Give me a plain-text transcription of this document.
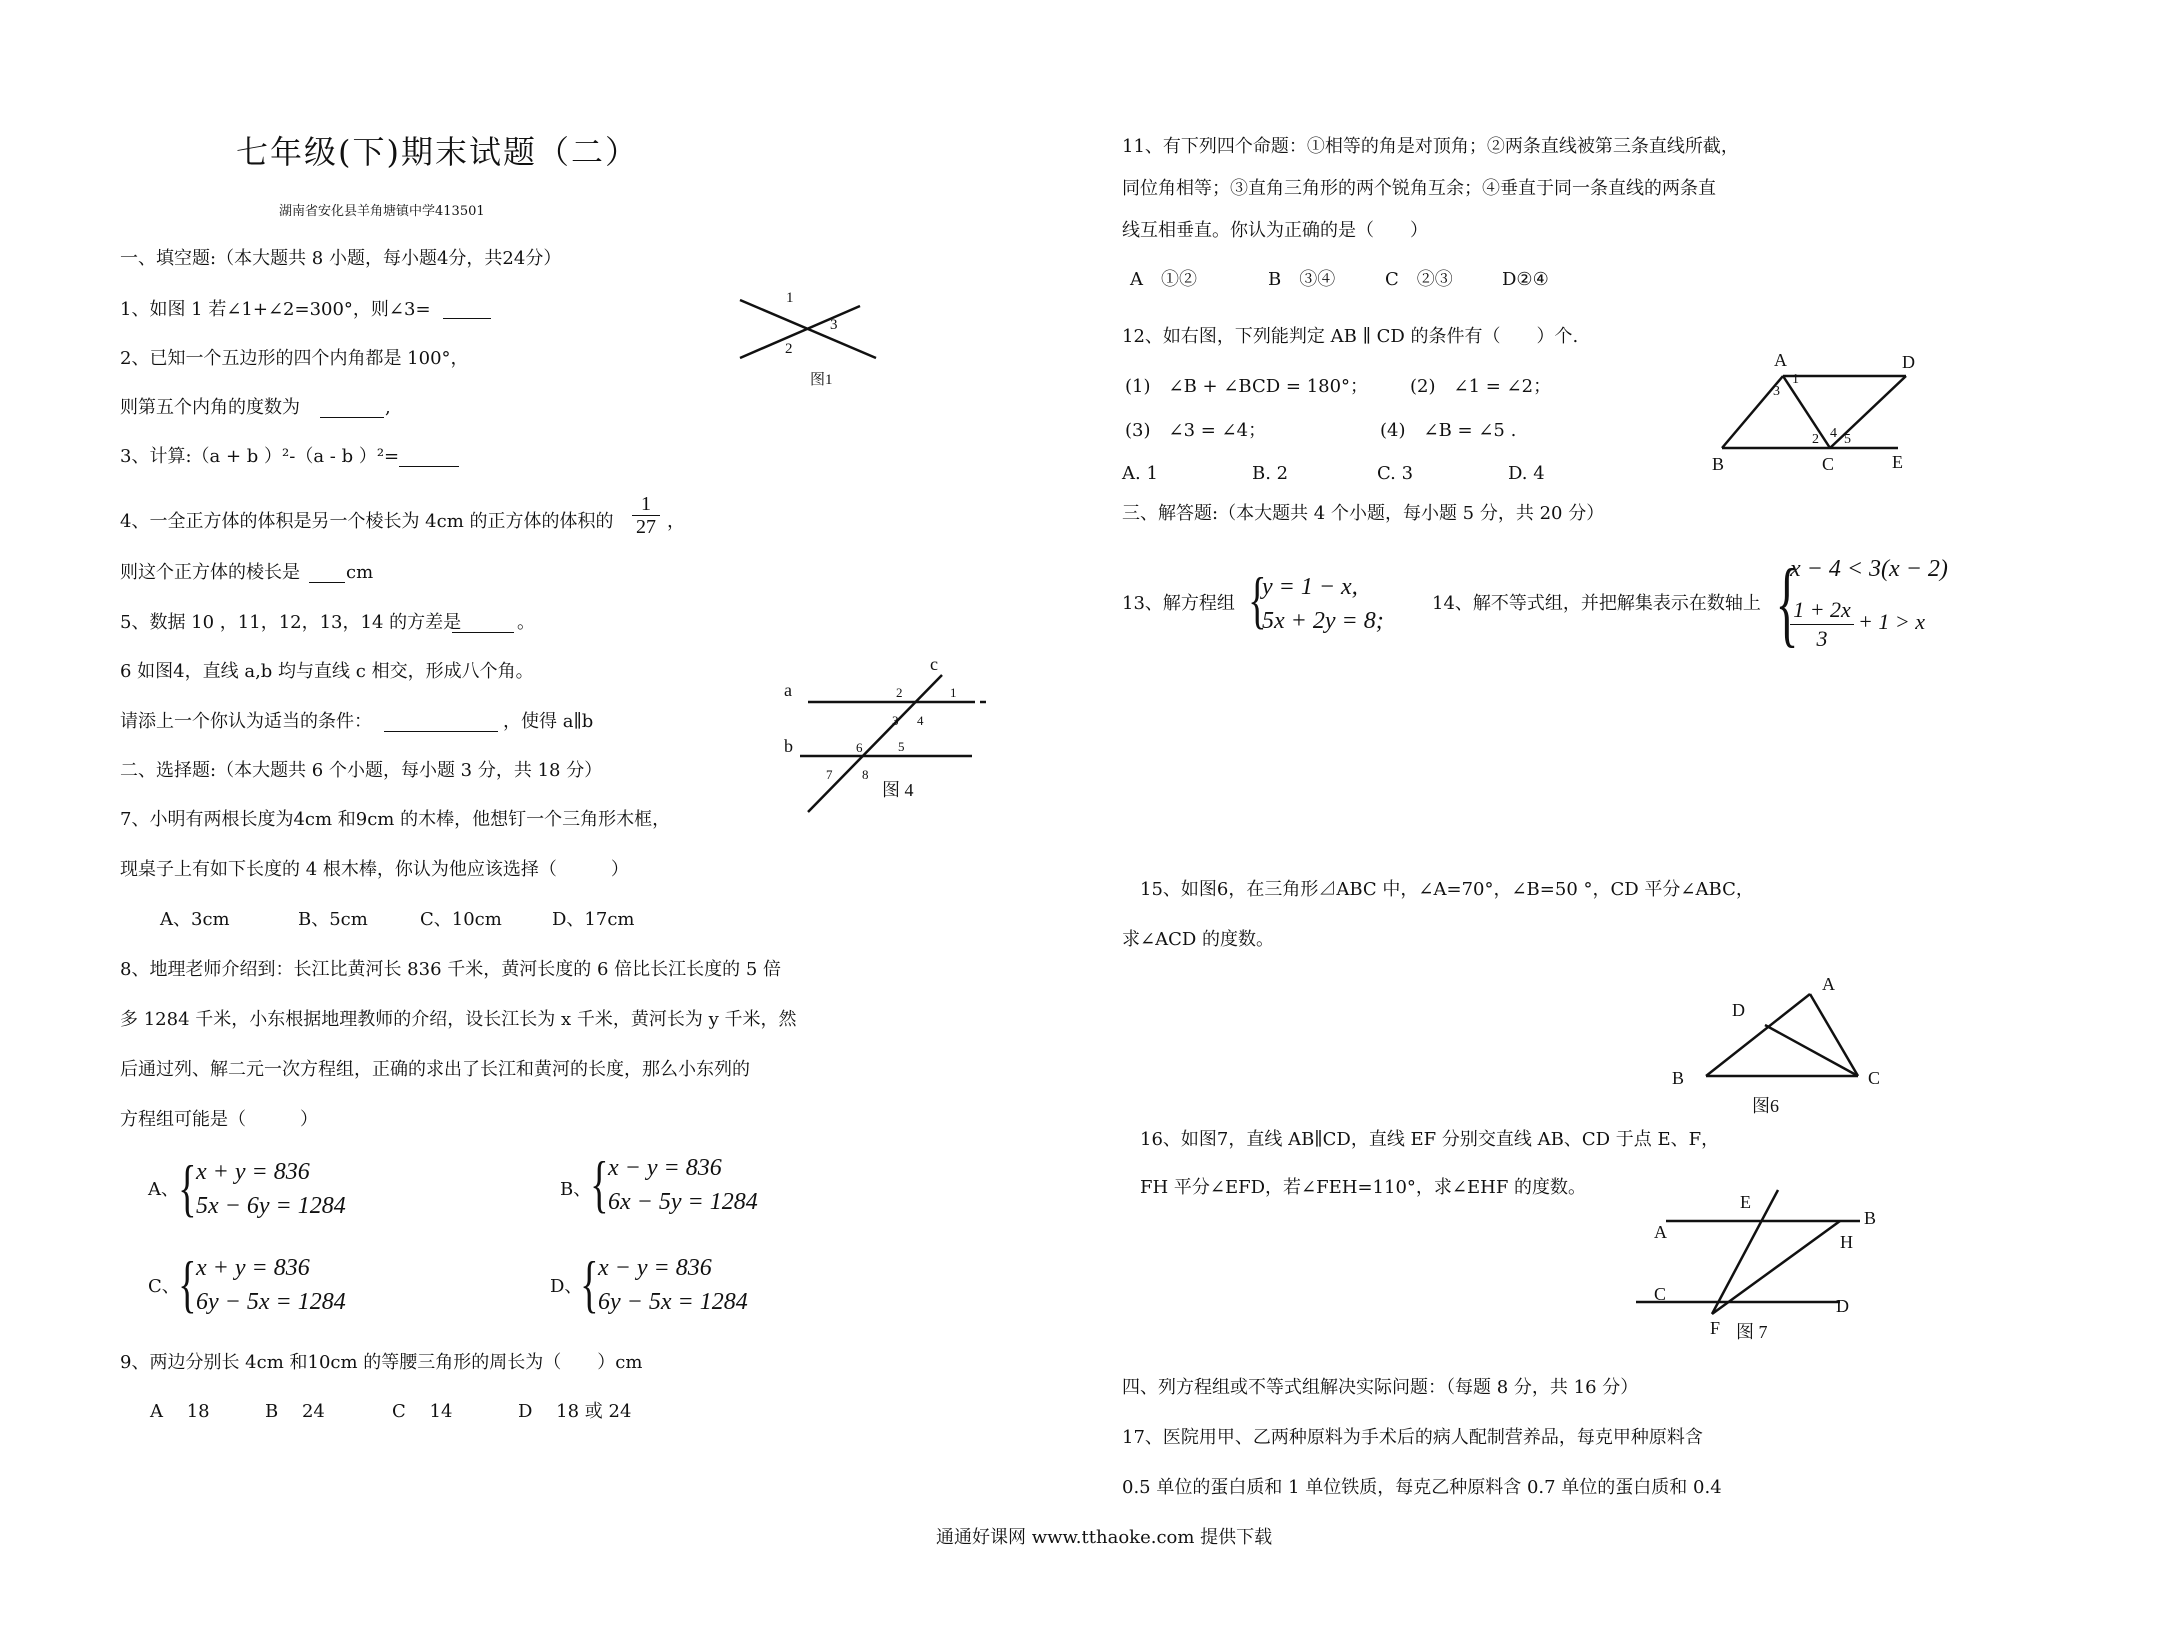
七年级(下)期末试题（二）
湖南省安化县羊角塘镇中学413501
一、填空题:（本大题共 8 小题，每小题4分，共24分）
1、如图 1 若∠1+∠2=300°，则∠3=
2、已知一个五边形的四个内角都是 100°，
则第五个内角的度数为	,
3、计算:（a + b ）²-（a - b ）²=
4、一全正方体的体积是另一个棱长为 4cm 的正方体的体积的 $\frac{1}{27}$ ，
则这个正方体的棱长是	cm
5、数据 10 ，11，12，13，14 的方差是	。
6 如图4，直线 a,b 均与直线 c 相交，形成八个角。
请添上一个你认为适当的条件：	，使得 a∥b
二、选择题:（本大题共 6 个小题，每小题 3 分，共 18 分）
7、小明有两根长度为4cm 和9cm 的木棒，他想钉一个三角形木框，
现桌子上有如下长度的 4 根木棒，你认为他应该选择（　　　）
A、3cm	B、5cm	C、10cm	D、17cm
8、地理老师介绍到：长江比黄河长 836 千米，黄河长度的 6 倍比长江长度的 5 倍
多 1284 千米，小东根据地理教师的介绍，设长江长为 x 千米，黄河长为 y 千米，然
后通过列、解二元一次方程组，正确的求出了长江和黄河的长度，那么小东列的
方程组可能是（　　　）
A、 { x + y = 836
5x − 6y = 1284
B、
{ x − y = 836
6x − 5y = 1284
C、
{ x + y = 836
6y − 5x = 1284
D、
{ x − y = 836
6y − 5x = 1284
9、两边分别长 4cm 和10cm 的等腰三角形的周长为（　　）cm
A　 18	B　 24	C　 14	D　 18 或 24
11、有下列四个命题：①相等的角是对顶角；②两条直线被第三条直线所截，
同位角相等；③直角三角形的两个锐角互余；④垂直于同一条直线的两条直
线互相垂直。你认为正确的是（　　）
A　①②	B　③④	C　②③	D②④
12、如右图，下列能判定 AB ∥ CD 的条件有（　　）个.
(1)　∠B + ∠BCD = 180°； (2)　∠1 = ∠2；
(3)　∠3 = ∠4；	(4)　∠B = ∠5 .
A. 1	B. 2	C. 3	D. 4
三、解答题:（本大题共 4 个小题，每小题 5 分，共 20 分）
13、解方程组 {
y = 1 − x,
5x + 2y = 8;
14、解不等式组，并把解集表示在数轴上 {
x − 4 < 3(x − 2)
$\frac{1 + 2x}{3} + 1 > x$
15、如图6，在三角形⊿ABC 中，∠A=70°，∠B=50 °，CD 平分∠ABC，
求∠ACD 的度数。
16、如图7，直线 AB∥CD，直线 EF 分别交直线 AB、CD 于点 E、F，
FH 平分∠EFD，若∠FEH=110°，求∠EHF 的度数。
四、列方程组或不等式组解决实际问题：（每题 8 分，共 16 分）
17、医院用甲、乙两种原料为手术后的病人配制营养品，每克甲种原料含
0.5 单位的蛋白质和 1 单位铁质，每克乙种原料含 0.7 单位的蛋白质和 0.4
通通好课网 www.tthaoke.com 提供下载
1
2
3
图1
c
a
b
1
2
3 4
5
6
7 8
图 4
A	D
B	C	E
1
2
3
4 5
A
B	C
D
图6
A
B
C
D
E
F
H
图 7
